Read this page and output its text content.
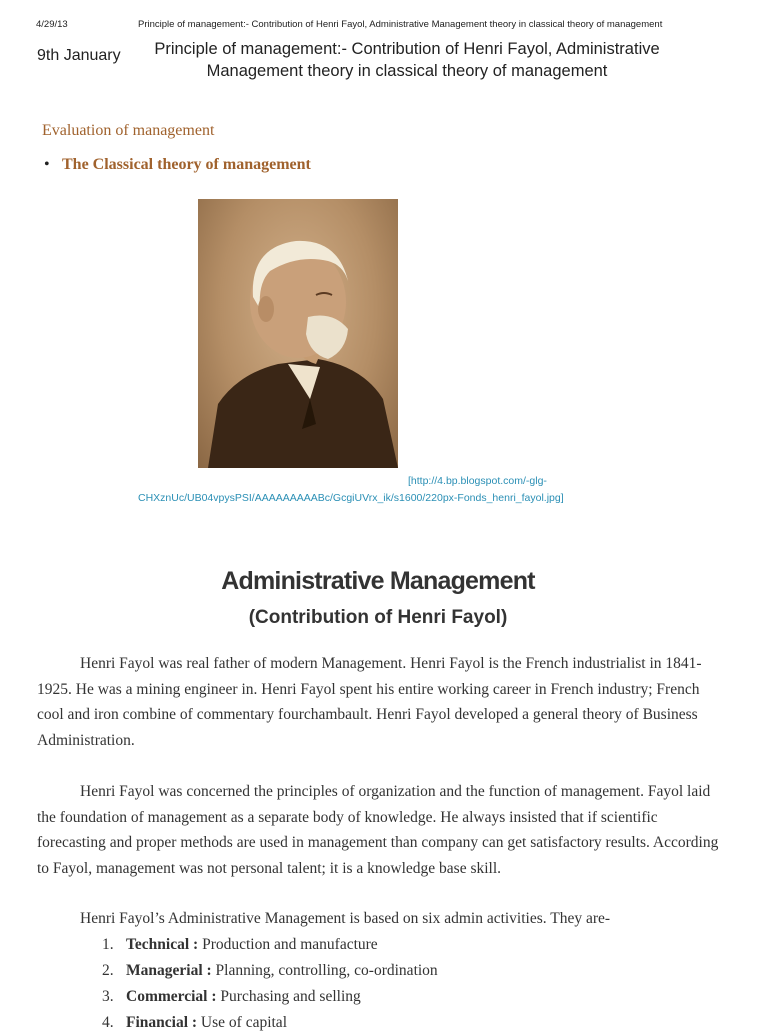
4/29/13	Principle of management:- Contribution of Henri Fayol, Administrative Management theory in classical theory of management
9th January	Principle of management:- Contribution of Henri Fayol, Administrative Management theory in classical theory of management
Evaluation of management
• The Classical theory of management
[http://4.bp.blogspot.com/-glg-
CHXznUc/UB04vpysPSI/AAAAAAAAABc/GcgiUVrx_ik/s1600/220px-Fonds_henri_fayol.jpg]
Administrative Management
(Contribution of Henri Fayol)

Henri Fayol was real father of modern Management. Henri Fayol is the French industrialist in 1841-1925. He was a mining engineer in. Henri Fayol spent his entire working career in French industry; French cool and iron combine of commentary fourchambault. Henri Fayol developed a general theory of Business Administration.

Henri Fayol was concerned the principles of organization and the function of management. Fayol laid the foundation of management as a separate body of knowledge. He always insisted that if scientific forecasting and proper methods are used in management than company can get satisfactory results. According to Fayol, management was not personal talent; it is a knowledge base skill.

Henri Fayol’s Administrative Management is based on six admin activities. They are-

1. Technical : Production and manufacture
2. Managerial : Planning, controlling, co-ordination
3. Commercial : Purchasing and selling
4. Financial : Use of capital
